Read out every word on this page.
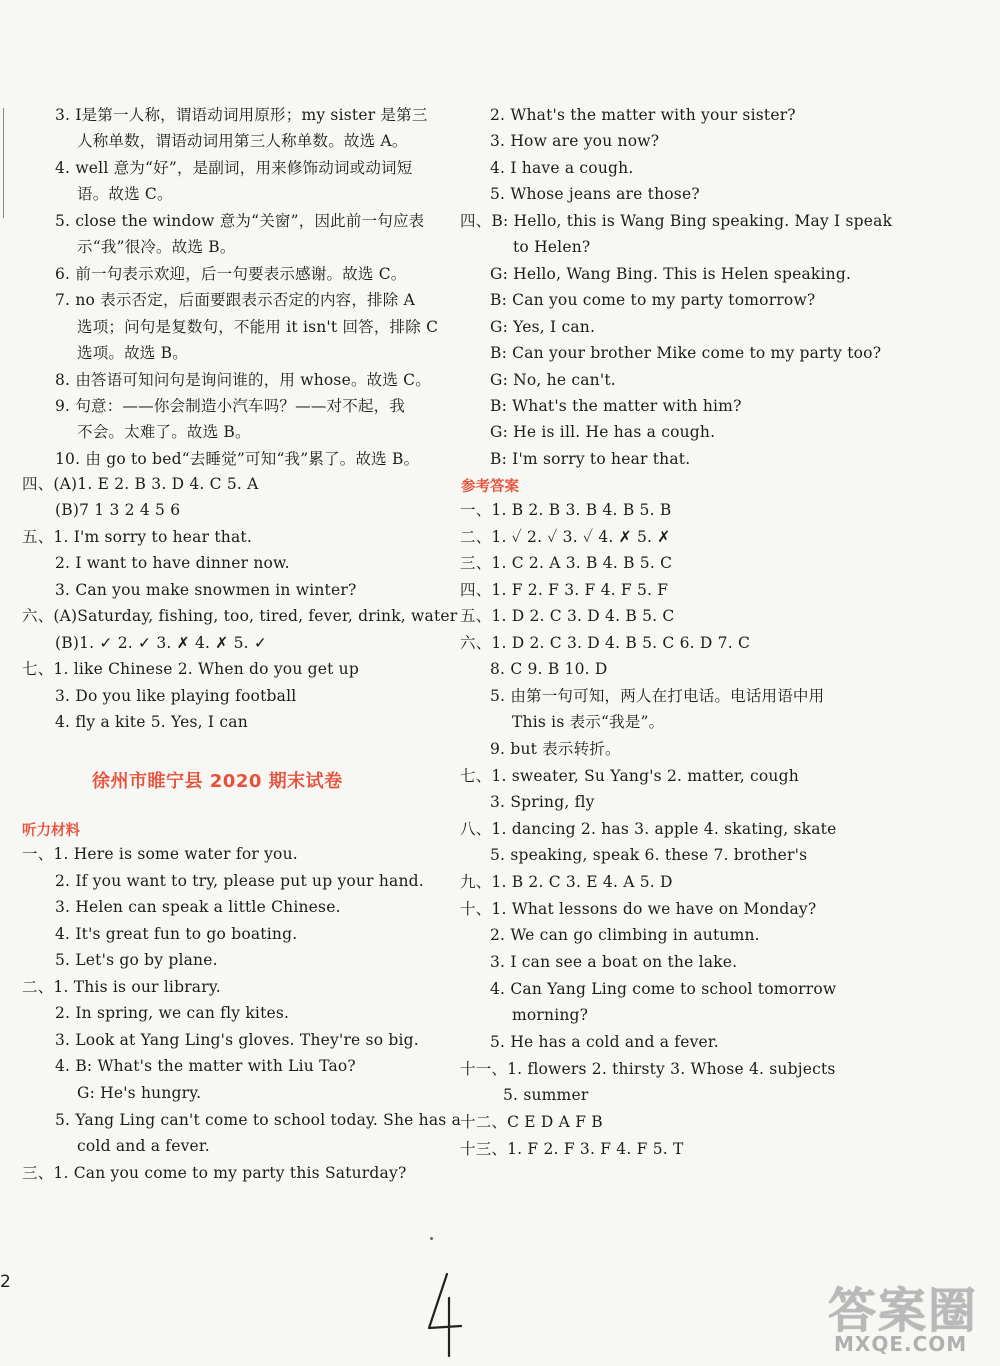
3. I是第一人称，谓语动词用原形；my sister 是第三
人称单数，谓语动词用第三人称单数。故选 A。
4. well 意为“好”，是副词，用来修饰动词或动词短
语。故选 C。
5. close the window 意为“关窗”，因此前一句应表
示“我”很冷。故选 B。
6. 前一句表示欢迎，后一句要表示感谢。故选 C。
7. no 表示否定，后面要跟表示否定的内容，排除 A
选项；问句是复数句，不能用 it isn't 回答，排除 C
选项。故选 B。
8. 由答语可知问句是询问谁的，用 whose。故选 C。
9. 句意：——你会制造小汽车吗？——对不起，我
不会。太难了。故选 B。
10. 由 go to bed“去睡觉”可知“我”累了。故选 B。
四、(A)1. E 2. B 3. D 4. C 5. A
(B)7 1 3 2 4 5 6
五、1. I'm sorry to hear that.
2. I want to have dinner now.
3. Can you make snowmen in winter?
六、(A)Saturday, fishing, too, tired, fever, drink, water
(B)1. ✓ 2. ✓ 3. ✗ 4. ✗ 5. ✓
七、1. like Chinese 2. When do you get up
3. Do you like playing football
4. fly a kite 5. Yes, I can
徐州市睢宁县 2020 期末试卷
听力材料
一、1. Here is some water for you.
2. If you want to try, please put up your hand.
3. Helen can speak a little Chinese.
4. It's great fun to go boating.
5. Let's go by plane.
二、1. This is our library.
2. In spring, we can fly kites.
3. Look at Yang Ling's gloves. They're so big.
4. B: What's the matter with Liu Tao?
G: He's hungry.
5. Yang Ling can't come to school today. She has a
cold and a fever.
三、1. Can you come to my party this Saturday?
2. What's the matter with your sister?
3. How are you now?
4. I have a cough.
5. Whose jeans are those?
四、B: Hello, this is Wang Bing speaking. May I speak
to Helen?
G: Hello, Wang Bing. This is Helen speaking.
B: Can you come to my party tomorrow?
G: Yes, I can.
B: Can your brother Mike come to my party too?
G: No, he can't.
B: What's the matter with him?
G: He is ill. He has a cough.
B: I'm sorry to hear that.
参考答案
一、1. B 2. B 3. B 4. B 5. B
二、1. ✓ 2. ✓ 3. ✓ 4. ✗ 5. ✗
三、1. C 2. A 3. B 4. B 5. C
四、1. F 2. F 3. F 4. F 5. F
五、1. D 2. C 3. D 4. B 5. C
六、1. D 2. C 3. D 4. B 5. C 6. D 7. C
8. C 9. B 10. D
5. 由第一句可知，两人在打电话。电话用语中用
This is 表示“我是”。
9. but 表示转折。
七、1. sweater, Su Yang's 2. matter, cough
3. Spring, fly
八、1. dancing 2. has 3. apple 4. skating, skate
5. speaking, speak 6. these 7. brother's
九、1. B 2. C 3. E 4. A 5. D
十、1. What lessons do we have on Monday?
2. We can go climbing in autumn.
3. I can see a boat on the lake.
4. Can Yang Ling come to school tomorrow
morning?
5. He has a cold and a fever.
十一、1. flowers 2. thirsty 3. Whose 4. subjects
5. summer
十二、C E D A F B
十三、1. F 2. F 3. F 4. F 5. T
2
答案圈
MXQE.COM
